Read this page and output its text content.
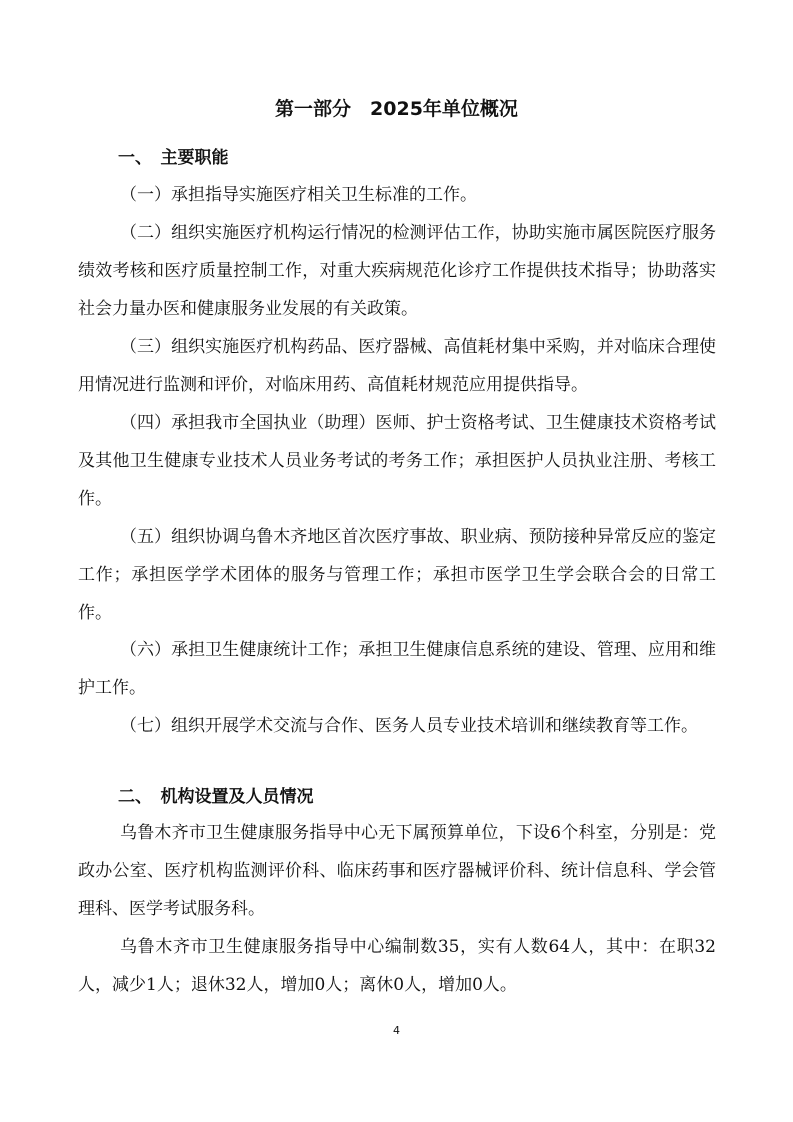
第一部分　2025年单位概况
一、　主要职能
（一）承担指导实施医疗相关卫生标准的工作。
（二）组织实施医疗机构运行情况的检测评估工作，协助实施市属医院医疗服务绩效考核和医疗质量控制工作，对重大疾病规范化诊疗工作提供技术指导；协助落实社会力量办医和健康服务业发展的有关政策。
（三）组织实施医疗机构药品、医疗器械、高值耗材集中采购，并对临床合理使用情况进行监测和评价，对临床用药、高值耗材规范应用提供指导。
（四）承担我市全国执业（助理）医师、护士资格考试、卫生健康技术资格考试及其他卫生健康专业技术人员业务考试的考务工作；承担医护人员执业注册、考核工作。
（五）组织协调乌鲁木齐地区首次医疗事故、职业病、预防接种异常反应的鉴定工作；承担医学学术团体的服务与管理工作；承担市医学卫生学会联合会的日常工作。
（六）承担卫生健康统计工作；承担卫生健康信息系统的建设、管理、应用和维护工作。
（七）组织开展学术交流与合作、医务人员专业技术培训和继续教育等工作。
二、　机构设置及人员情况
乌鲁木齐市卫生健康服务指导中心无下属预算单位，下设6个科室，分别是：党政办公室、医疗机构监测评价科、临床药事和医疗器械评价科、统计信息科、学会管理科、医学考试服务科。
乌鲁木齐市卫生健康服务指导中心编制数35，实有人数64人，其中：在职32人，减少1人；退休32人，增加0人；离休0人，增加0人。
4
